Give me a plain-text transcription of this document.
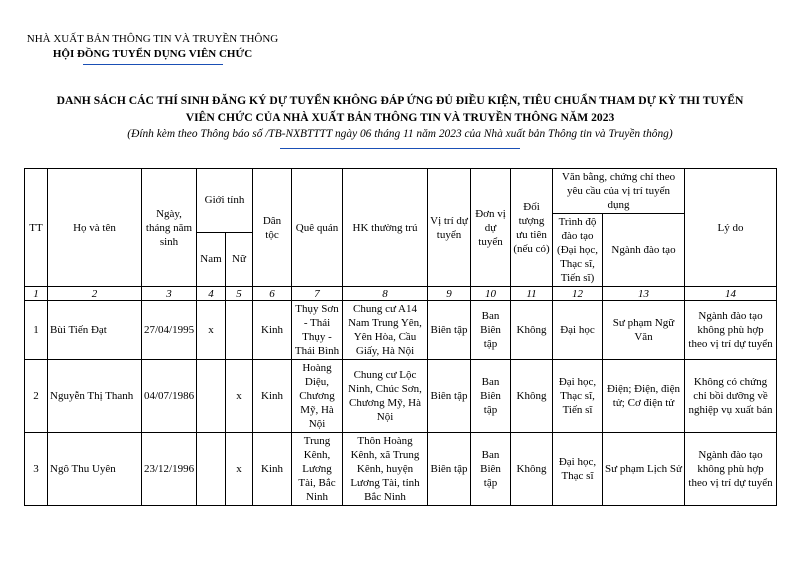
NHÀ XUẤT BẢN THÔNG TIN VÀ TRUYỀN THÔNG
HỘI ĐỒNG TUYỂN DỤNG VIÊN CHỨC
DANH SÁCH CÁC THÍ SINH ĐĂNG KÝ DỰ TUYỂN KHÔNG ĐÁP ỨNG ĐỦ ĐIỀU KIỆN, TIÊU CHUẨN THAM DỰ KỲ THI TUYỂN
VIÊN CHỨC CỦA NHÀ XUẤT BẢN THÔNG TIN VÀ TRUYỀN THÔNG NĂM 2023
(Đính kèm theo Thông báo số /TB-NXBTTTT ngày 06 tháng 11 năm 2023 của Nhà xuất bản Thông tin và Truyền thông)
TT	Họ và tên	Ngày, tháng năm sinh	Giới tính		Dân tộc	Quê quán	HK thường trú	Vị trí dự tuyển	Đơn vị dự tuyển	Đối tượng ưu tiên (nếu có)	Văn bằng, chứng chỉ theo yêu cầu của vị trí tuyển dụng		Lý do
											Trình độ đào tạo (Đại học, Thạc sĩ, Tiến sĩ)	Ngành đào tạo	
			Nam	Nữ									
1	2	3	4	5	6	7	8	9	10	11	12	13	14
1	Bùi Tiến Đạt	27/04/1995	x		Kinh	Thụy Sơn - Thái Thụy -Thái Bình	Chung cư A14 Nam Trung Yên, Yên Hòa, Cầu Giấy, Hà Nội	Biên tập	Ban Biên tập	Không	Đại học	Sư phạm Ngữ Văn	Ngành đào tạo không phù hợp theo vị trí dự tuyển
2	Nguyễn Thị Thanh	04/07/1986		x	Kinh	Hoàng Diệu, Chương Mỹ, Hà Nội	Chung cư Lộc Ninh, Chúc Sơn, Chương Mỹ, Hà Nội	Biên tập	Ban Biên tập	Không	Đại học, Thạc sĩ, Tiến sĩ	Điện; Điện, điện tử; Cơ điện tử	Không có chứng chỉ bồi dưỡng về nghiệp vụ xuất bản
3	Ngô Thu Uyên	23/12/1996		x	Kinh	Trung Kênh, Lương Tài, Bắc Ninh	Thôn Hoàng Kênh, xã Trung Kênh, huyện Lương Tài, tỉnh Bắc Ninh	Biên tập	Ban Biên tập	Không	Đại học, Thạc sĩ	Sư phạm Lịch Sử	Ngành đào tạo không phù hợp theo vị trí dự tuyển
